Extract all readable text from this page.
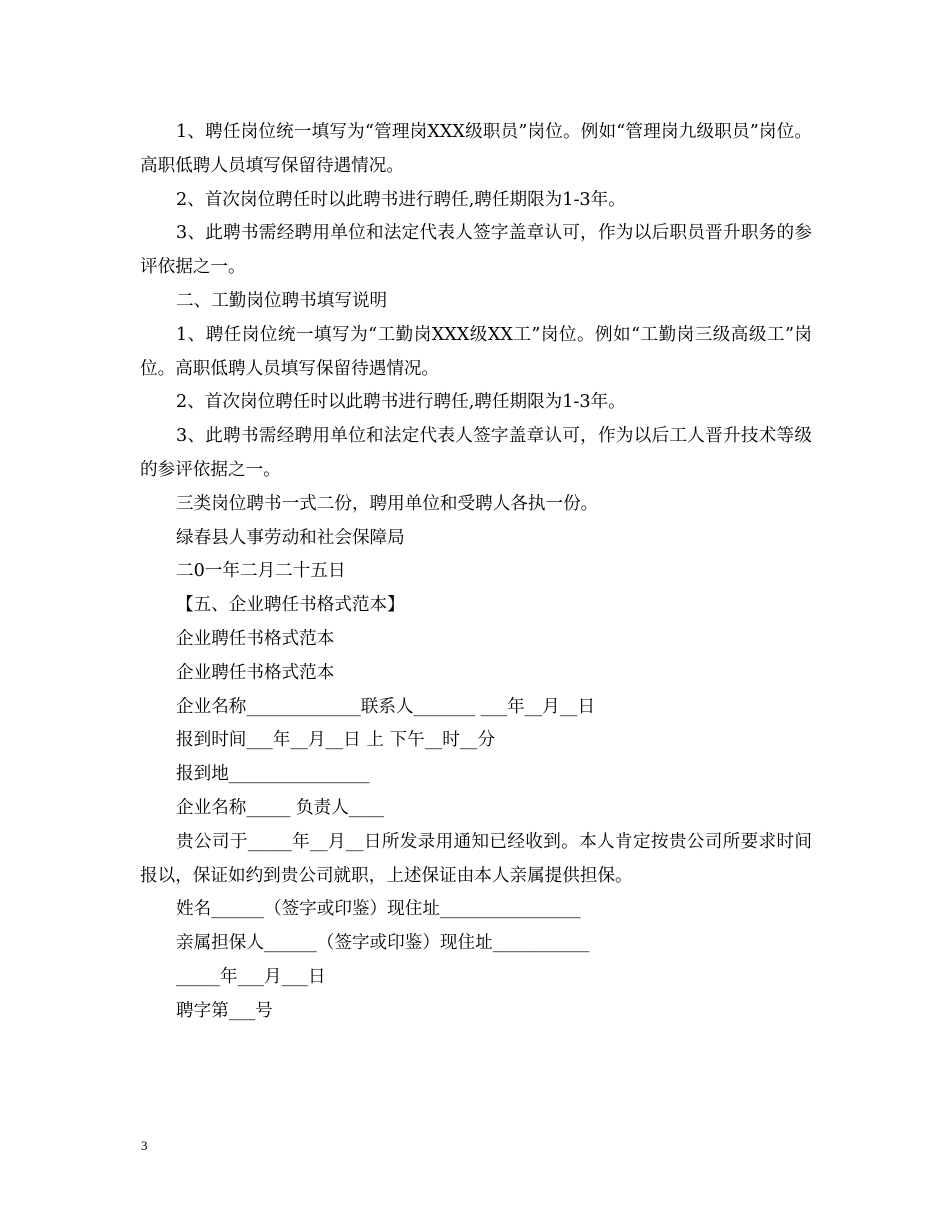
1、聘任岗位统一填写为“管理岗XXX级职员”岗位。例如“管理岗九级职员”岗位。高职低聘人员填写保留待遇情况。

2、首次岗位聘任时以此聘书进行聘任,聘任期限为1-3年。

3、此聘书需经聘用单位和法定代表人签字盖章认可，作为以后职员晋升职务的参评依据之一。

二、工勤岗位聘书填写说明

1、聘任岗位统一填写为“工勤岗XXX级XX工”岗位。例如“工勤岗三级高级工”岗位。高职低聘人员填写保留待遇情况。

2、首次岗位聘任时以此聘书进行聘任,聘任期限为1-3年。

3、此聘书需经聘用单位和法定代表人签字盖章认可，作为以后工人晋升技术等级的参评依据之一。

三类岗位聘书一式二份，聘用单位和受聘人各执一份。

绿春县人事劳动和社会保障局

二0一年二月二十五日

【五、企业聘任书格式范本】

企业聘任书格式范本

企业聘任书格式范本

企业名称_____________联系人_______ ___年__月__日

报到时间___年__月__日 上 下午__时__分

报到地________________

企业名称_____ 负责人____

贵公司于_____年__月__日所发录用通知已经收到。本人肯定按贵公司所要求时间报以，保证如约到贵公司就职，上述保证由本人亲属提供担保。

姓名______（签字或印鉴）现住址________________

亲属担保人______（签字或印鉴）现住址___________

_____年___月___日

聘字第___号

3
